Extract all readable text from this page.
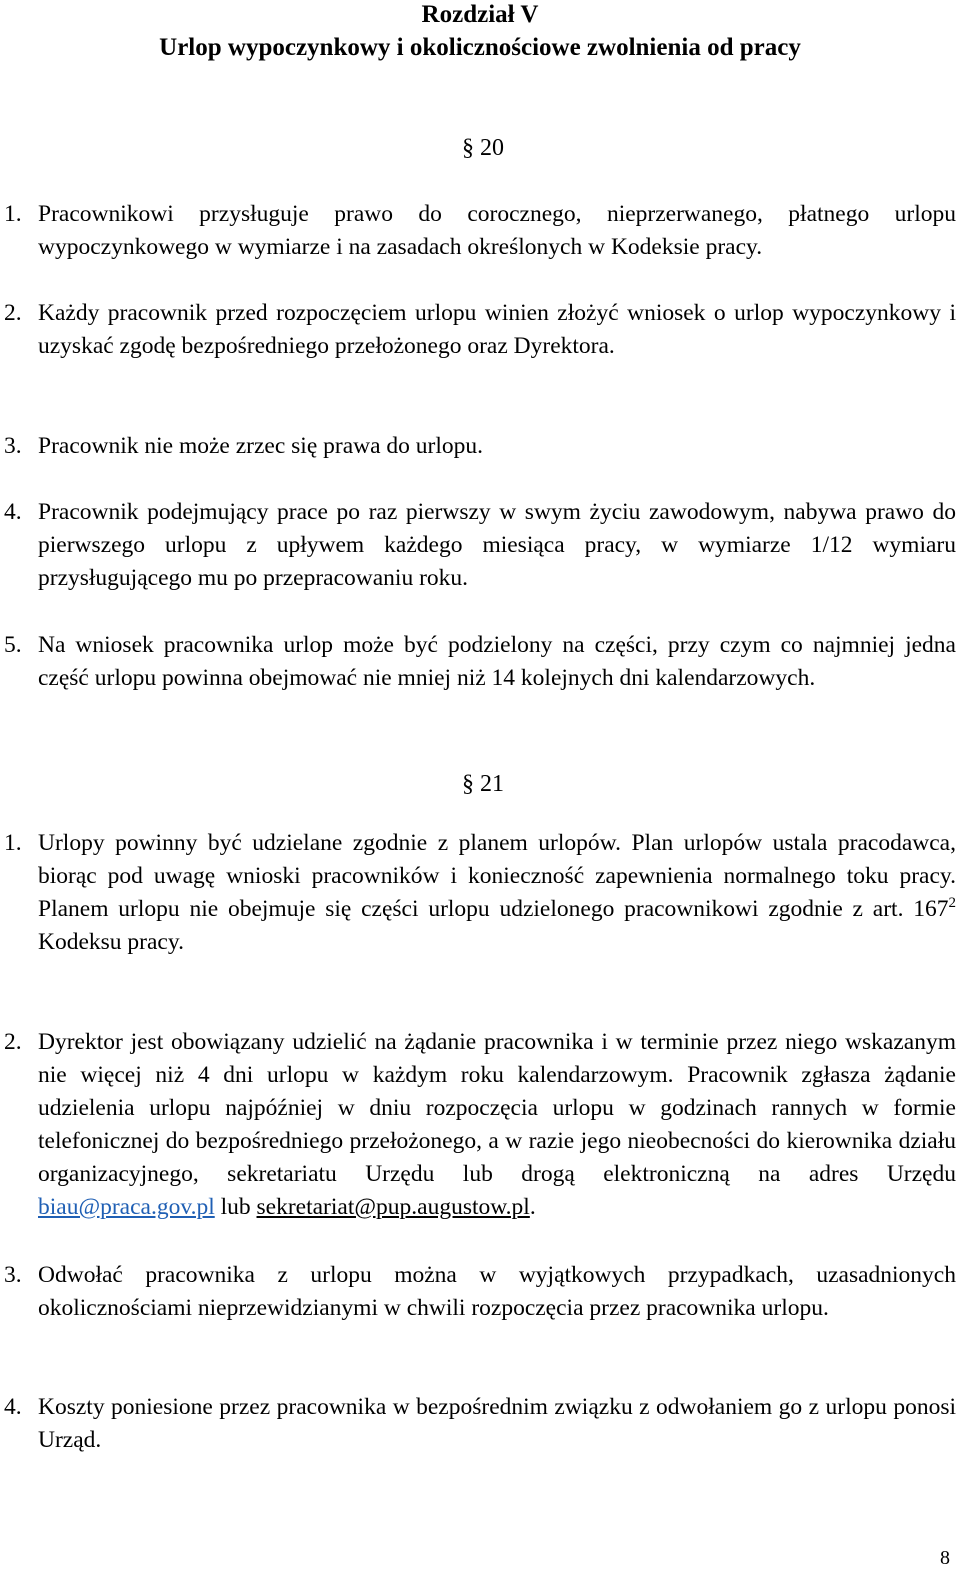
Rozdział V
Urlop wypoczynkowy i okolicznościowe zwolnienia od pracy
§ 20
1. Pracownikowi przysługuje prawo do corocznego, nieprzerwanego, płatnego urlopu wypoczynkowego w wymiarze i na zasadach określonych w Kodeksie pracy.
2. Każdy pracownik przed rozpoczęciem urlopu winien złożyć wniosek o urlop wypoczynkowy i uzyskać zgodę bezpośredniego przełożonego oraz Dyrektora.
3. Pracownik nie może zrzec się prawa do urlopu.
4. Pracownik podejmujący prace po raz pierwszy w swym życiu zawodowym, nabywa prawo do pierwszego urlopu z upływem każdego miesiąca pracy, w wymiarze 1/12 wymiaru przysługującego mu po przepracowaniu roku.
5. Na wniosek pracownika urlop może być podzielony na części, przy czym co najmniej jedna część urlopu powinna obejmować nie mniej niż 14 kolejnych dni kalendarzowych.
§ 21
1. Urlopy powinny być udzielane zgodnie z planem urlopów. Plan urlopów ustala pracodawca, biorąc pod uwagę wnioski pracowników i konieczność zapewnienia normalnego toku pracy. Planem urlopu nie obejmuje się części urlopu udzielonego pracownikowi zgodnie z art. $167^2$ Kodeksu pracy.
2. Dyrektor jest obowiązany udzielić na żądanie pracownika i w terminie przez niego wskazanym nie więcej niż 4 dni urlopu w każdym roku kalendarzowym. Pracownik zgłasza żądanie udzielenia urlopu najpóźniej w dniu rozpoczęcia urlopu w godzinach rannych w formie telefonicznej do bezpośredniego przełożonego, a w razie jego nieobecności do kierownika działu organizacyjnego, sekretariatu Urzędu lub drogą elektroniczną na adres Urzędu biau@praca.gov.pl lub sekretariat@pup.augustow.pl.
3. Odwołać pracownika z urlopu można w wyjątkowych przypadkach, uzasadnionych okolicznościami nieprzewidzianymi w chwili rozpoczęcia przez pracownika urlopu.
4. Koszty poniesione przez pracownika w bezpośrednim związku z odwołaniem go z urlopu ponosi Urząd.
8
